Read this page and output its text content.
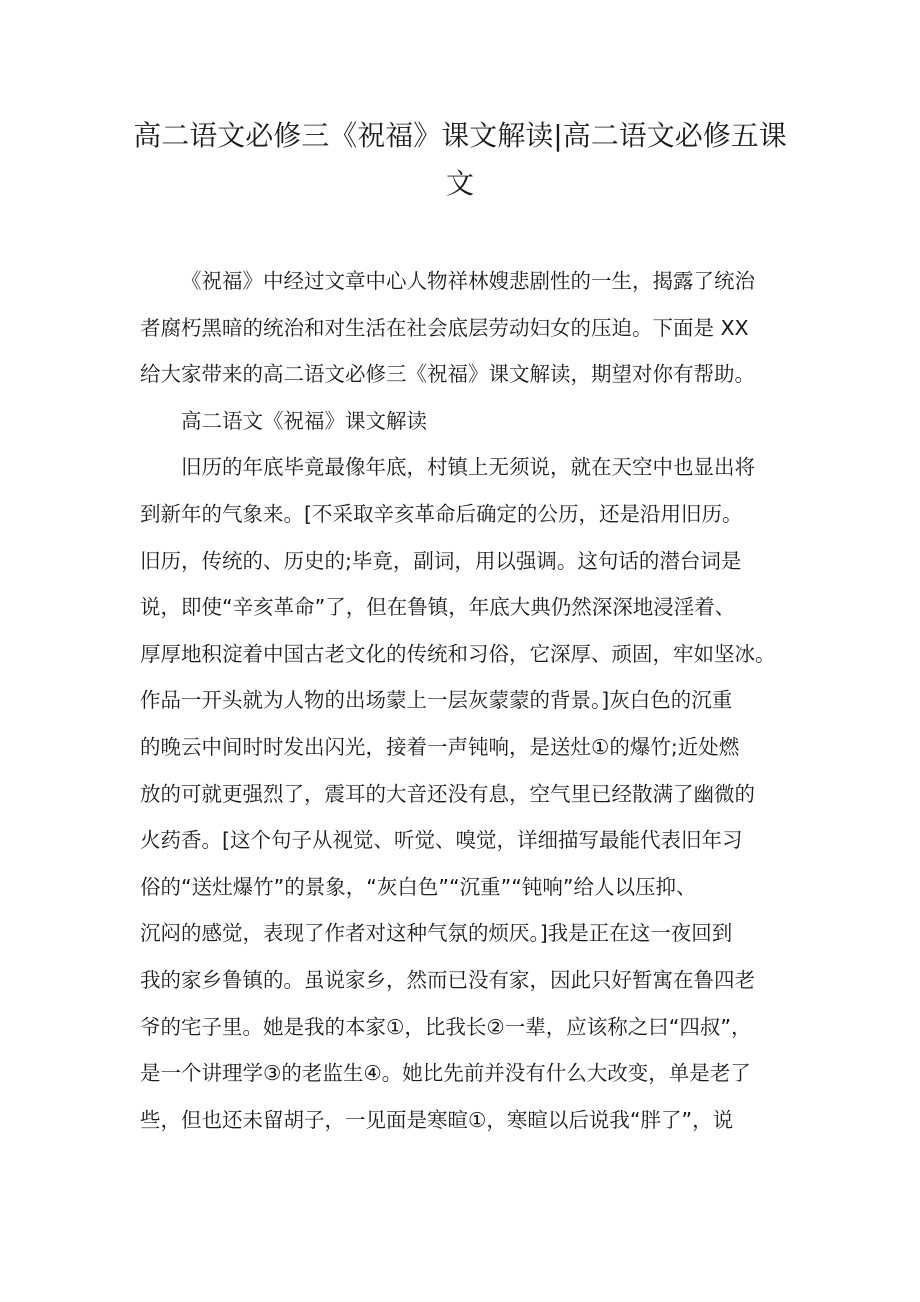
高二语文必修三《祝福》课文解读|高二语文必修五课
文
《祝福》中经过文章中心人物祥林嫂悲剧性的一生，揭露了统治
者腐朽黑暗的统治和对生活在社会底层劳动妇女的压迫。下面是 XX
给大家带来的高二语文必修三《祝福》课文解读，期望对你有帮助。
高二语文《祝福》课文解读
旧历的年底毕竟最像年底，村镇上无须说，就在天空中也显出将
到新年的气象来。[不采取辛亥革命后确定的公历，还是沿用旧历。
旧历，传统的、历史的;毕竟，副词，用以强调。这句话的潜台词是
说，即使“辛亥革命”了，但在鲁镇，年底大典仍然深深地浸淫着、
厚厚地积淀着中国古老文化的传统和习俗，它深厚、顽固，牢如坚冰。
作品一开头就为人物的出场蒙上一层灰蒙蒙的背景。]灰白色的沉重
的晚云中间时时发出闪光，接着一声钝响，是送灶①的爆竹;近处燃
放的可就更强烈了，震耳的大音还没有息，空气里已经散满了幽微的
火药香。[这个句子从视觉、听觉、嗅觉，详细描写最能代表旧年习
俗的“送灶爆竹”的景象，“灰白色”“沉重”“钝响”给人以压抑、
沉闷的感觉，表现了作者对这种气氛的烦厌。]我是正在这一夜回到
我的家乡鲁镇的。虽说家乡，然而已没有家，因此只好暂寓在鲁四老
爷的宅子里。她是我的本家①，比我长②一辈，应该称之曰“四叔”，
是一个讲理学③的老监生④。她比先前并没有什么大改变，单是老了
些，但也还未留胡子，一见面是寒暄①，寒暄以后说我“胖了”，说
